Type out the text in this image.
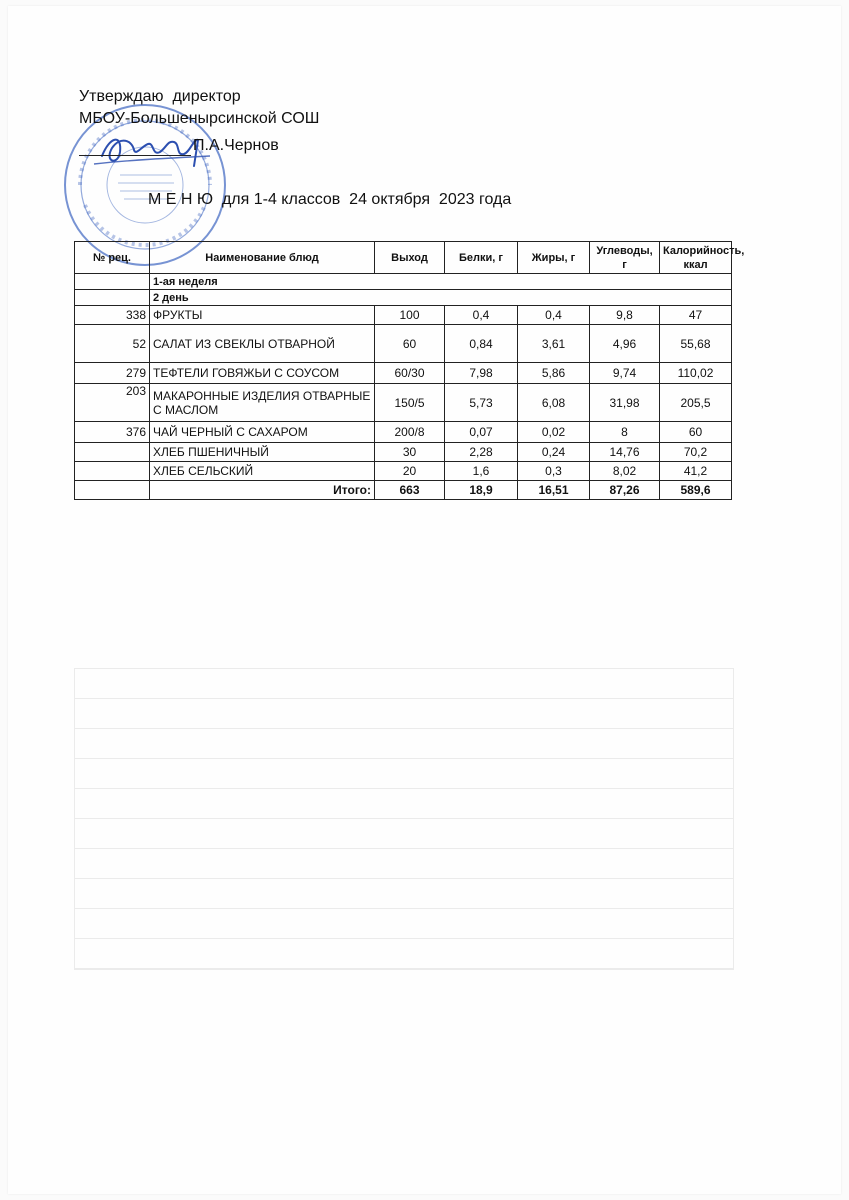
Утверждаю  директор
МБОУ-Большенырсинской СОШ
П.А.Чернов
М Е Н Ю  для 1-4 классов  24 октября  2023 года
№ рец.	Наименование блюд	Выход	Белки, г	Жиры, г	Углеводы, г	Калорийность, ккал
	1-ая неделя					
	2 день					
338	ФРУКТЫ	100	0,4	0,4	9,8	47
52	САЛАТ ИЗ СВЕКЛЫ ОТВАРНОЙ	60	0,84	3,61	4,96	55,68
279	ТЕФТЕЛИ ГОВЯЖЬИ С СОУСОМ	60/30	7,98	5,86	9,74	110,02
203	МАКАРОННЫЕ ИЗДЕЛИЯ ОТВАРНЫЕ С МАСЛОМ	150/5	5,73	6,08	31,98	205,5
376	ЧАЙ ЧЕРНЫЙ С САХАРОМ	200/8	0,07	0,02	8	60
	ХЛЕБ ПШЕНИЧНЫЙ	30	2,28	0,24	14,76	70,2
	ХЛЕБ СЕЛЬСКИЙ	20	1,6	0,3	8,02	41,2
	Итого:	663	18,9	16,51	87,26	589,6
